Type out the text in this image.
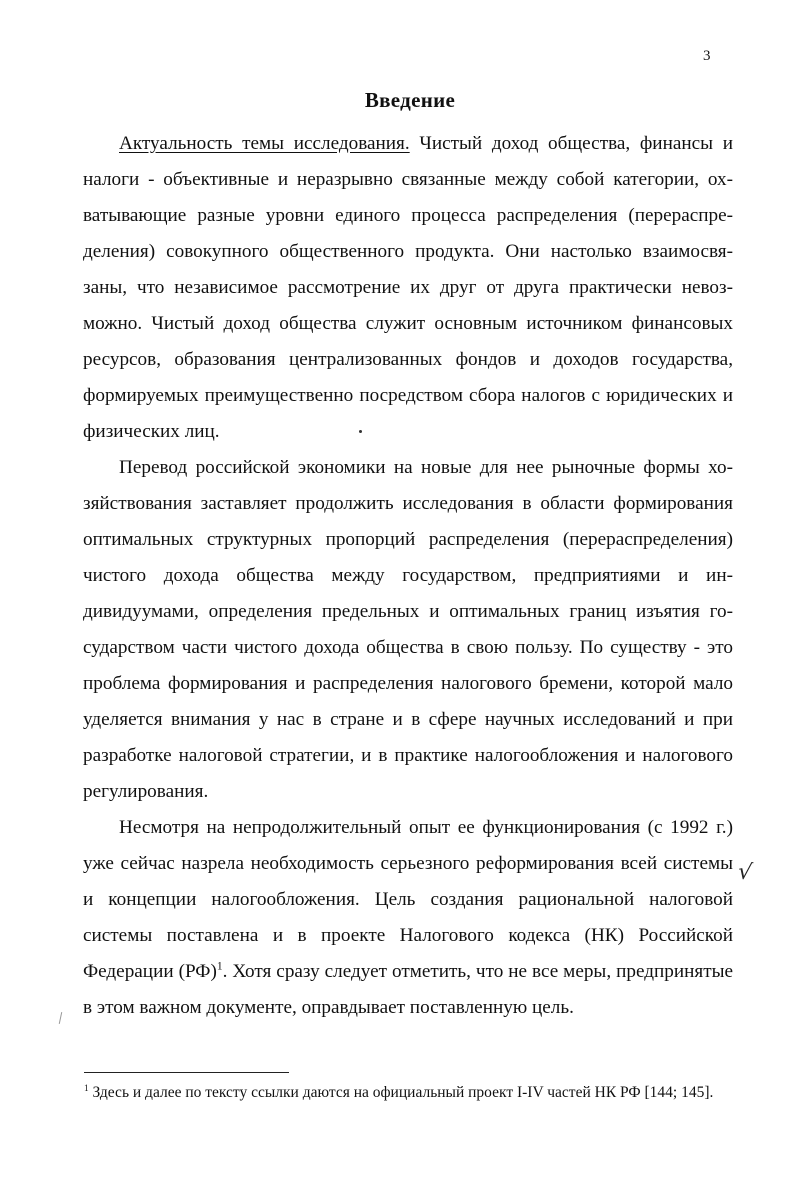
3
Введение

Актуальность темы исследования. Чистый доход общества, финансы и налоги - объективные и неразрывно связанные между собой категории, охватывающие разные уровни единого процесса распределения (перераспределения) совокупного общественного продукта. Они настолько взаимосвязаны, что независимое рассмотрение их друг от друга практически невозможно. Чистый доход общества служит основным источником финансовых ресурсов, образования централизованных фондов и доходов государства, формируемых преимущественно посредством сбора налогов с юридических и физических лиц.

Перевод российской экономики на новые для нее рыночные формы хозяйствования заставляет продолжить исследования в области формирования оптимальных структурных пропорций распределения (перераспределения) чистого дохода общества между государством, предприятиями и индивидуумами, определения предельных и оптимальных границ изъятия государством части чистого дохода общества в свою пользу. По существу - это проблема формирования и распределения налогового бремени, которой мало уделяется внимания у нас в стране и в сфере научных исследований и при разработке налоговой стратегии, и в практике налогообложения и налогового регулирования.

Несмотря на непродолжительный опыт ее функционирования (с 1992 г.) уже сейчас назрела необходимость серьезного реформирования всей системы и концепции налогообложения. Цель создания рациональной налоговой системы поставлена и в проекте Налогового кодекса (НК) Российской Федерации (РФ)$^1$. Хотя сразу следует отметить, что не все меры, предпринятые в этом важном документе, оправдывает поставленную цель.

√
$^1$ Здесь и далее по тексту ссылки даются на официальный проект I-IV частей НК РФ [144; 145].
